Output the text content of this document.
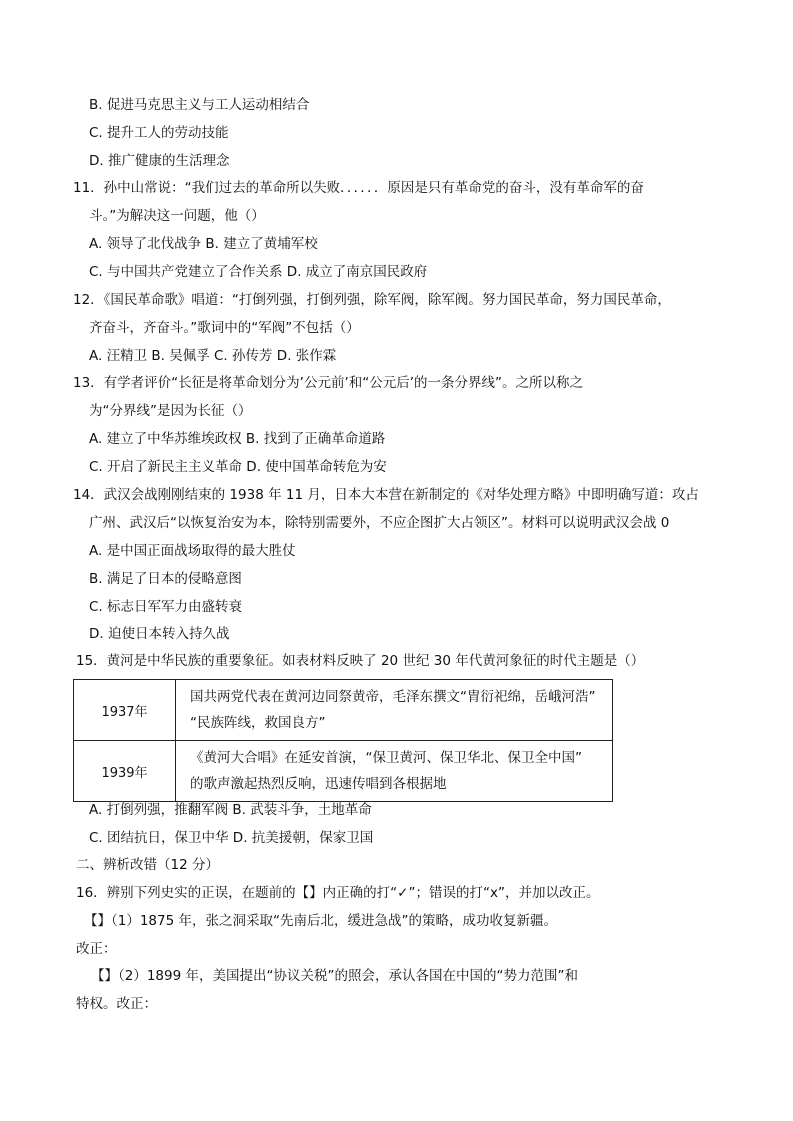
B. 促进马克思主义与工人运动相结合
C. 提升工人的劳动技能
D. 推广健康的生活理念
11．孙中山常说：“我们过去的革命所以失败．．．．．．原因是只有革命党的奋斗，没有革命军的奋
斗。”为解决这一问题，他（）
A. 领导了北伐战争 B. 建立了黄埔军校
C. 与中国共产党建立了合作关系 D. 成立了南京国民政府
12．《国民革命歌》唱道：“打倒列强，打倒列强，除军阀，除军阀。努力国民革命，努力国民革命，
齐奋斗，齐奋斗。”歌词中的“军阀”不包括（）
A. 汪精卫 B. 吴佩孚 C. 孙传芳 D. 张作霖
13．有学者评价“长征是将革命划分为’公元前’和“公元后’的一条分界线”。之所以称之
为“分界线”是因为长征（）
A. 建立了中华苏维埃政权 B. 找到了正确革命道路
C. 开启了新民主主义革命 D. 使中国革命转危为安
14．武汉会战刚刚结束的 1938 年 11 月，日本大本营在新制定的《对华处理方略》中即明确写道：攻占
广州、武汉后“以恢复治安为本，除特别需要外，不应企图扩大占领区”。材料可以说明武汉会战 0
A. 是中国正面战场取得的最大胜仗
B. 满足了日本的侵略意图
C. 标志日军军力由盛转衰
D. 迫使日本转入持久战
15．黄河是中华民族的重要象征。如表材料反映了 20 世纪 30 年代黄河象征的时代主题是（）
1937年	国共两党代表在黄河边同祭黄帝，毛泽东撰文“胄衍祀绵，岳峨河浩”
“民族阵线，救国良方”

1939年	《黄河大合唱》在延安首演，“保卫黄河、保卫华北、保卫全中国”
的歌声激起热烈反响，迅速传唱到各根据地
A. 打倒列强，推翻军阀 B. 武装斗争，土地革命
C. 团结抗日，保卫中华 D. 抗美援朝，保家卫国
二、辨析改错（12 分）
16．辨别下列史实的正误，在题前的【】内正确的打“✓”；错误的打“x”，并加以改正。
【】（1）1875 年，张之洞采取“先南后北，缓进急战”的策略，成功收复新疆。
改正：
【】（2）1899 年，美国提出“协议关税”的照会，承认各国在中国的“势力范围”和
特权。改正：
